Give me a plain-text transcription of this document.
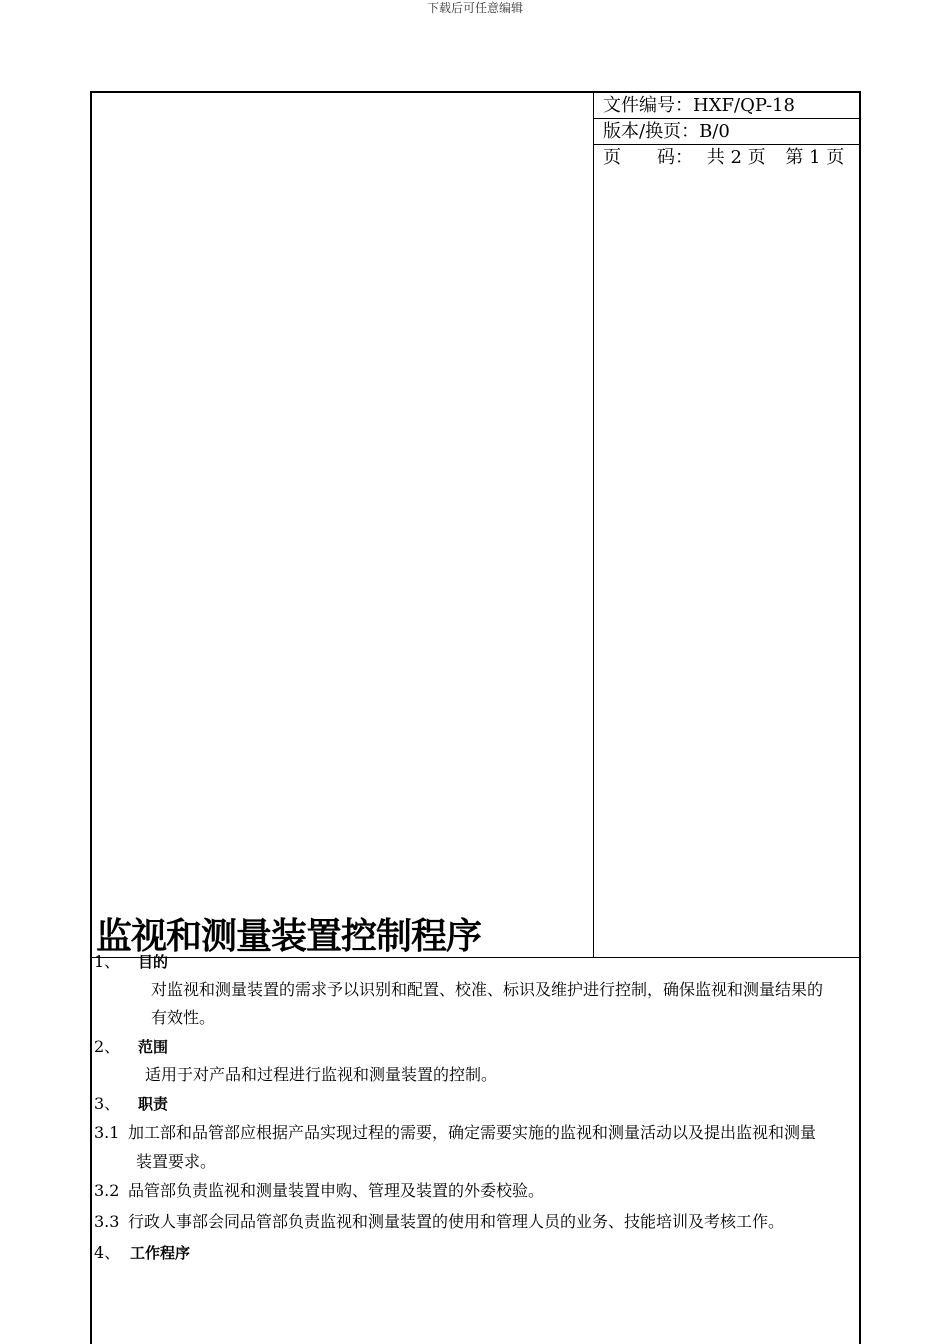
下载后可任意编辑
监视和测量装置控制程序
文件编号：HXF/QP-18
版本/换页：B/0
页　　码： 共 2 页 第 1 页
1、 目的
对监视和测量装置的需求予以识别和配置、校准、标识及维护进行控制，确保监视和测量结果的
有效性。
2、 范围
适用于对产品和过程进行监视和测量装置的控制。
3、 职责
3.1 加工部和品管部应根据产品实现过程的需要，确定需要实施的监视和测量活动以及提出监视和测量
装置要求。
3.2 品管部负责监视和测量装置申购、管理及装置的外委校验。
3.3 行政人事部会同品管部负责监视和测量装置的使用和管理人员的业务、技能培训及考核工作。
4、 工作程序
